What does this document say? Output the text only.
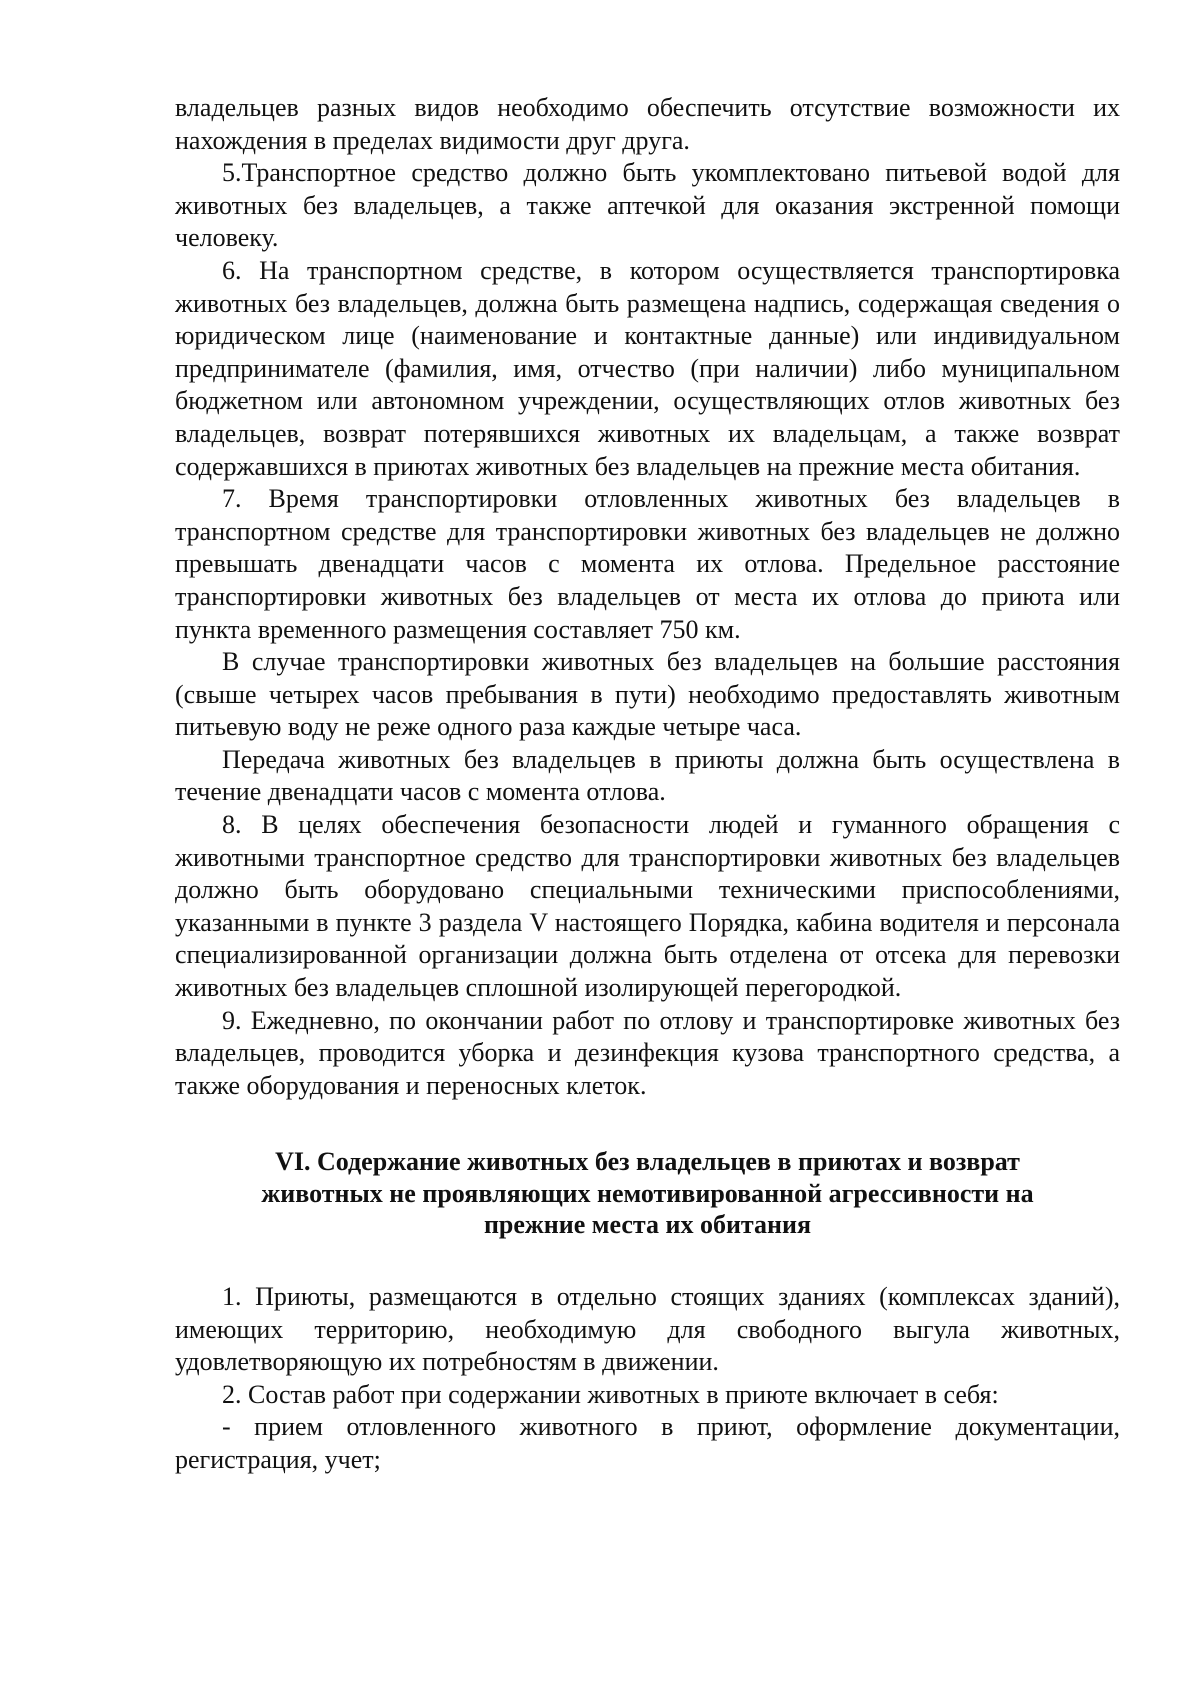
владельцев разных видов необходимо обеспечить отсутствие возможности их нахождения в пределах видимости друг друга.

5.Транспортное средство должно быть укомплектовано питьевой водой для животных без владельцев, а также аптечкой для оказания экстренной помощи человеку.

6. На транспортном средстве, в котором осуществляется транспортировка животных без владельцев, должна быть размещена надпись, содержащая сведения о юридическом лице (наименование и контактные данные) или индивидуальном предпринимателе (фамилия, имя, отчество (при наличии) либо муниципальном бюджетном или автономном учреждении, осуществляющих отлов животных без владельцев, возврат потерявшихся животных их владельцам, а также возврат содержавшихся в приютах животных без владельцев на прежние места обитания.

7. Время транспортировки отловленных животных без владельцев в транспортном средстве для транспортировки животных без владельцев не должно превышать двенадцати часов с момента их отлова. Предельное расстояние транспортировки животных без владельцев от места их отлова до приюта или пункта временного размещения составляет 750 км.

В случае транспортировки животных без владельцев на большие расстояния (свыше четырех часов пребывания в пути) необходимо предоставлять животным питьевую воду не реже одного раза каждые четыре часа.

Передача животных без владельцев в приюты должна быть осуществлена в течение двенадцати часов с момента отлова.

8. В целях обеспечения безопасности людей и гуманного обращения с животными транспортное средство для транспортировки животных без владельцев должно быть оборудовано специальными техническими приспособлениями, указанными в пункте 3 раздела V настоящего Порядка, кабина водителя и персонала специализированной организации должна быть отделена от отсека для перевозки животных без владельцев сплошной изолирующей перегородкой.

9. Ежедневно, по окончании работ по отлову и транспортировке животных без владельцев, проводится уборка и дезинфекция кузова транспортного средства, а также оборудования и переносных клеток.

VI. Содержание животных без владельцев в приютах и возврат животных не проявляющих немотивированной агрессивности на прежние места их обитания

1. Приюты, размещаются в отдельно стоящих зданиях (комплексах зданий), имеющих территорию, необходимую для свободного выгула животных, удовлетворяющую их потребностям в движении.

2. Состав работ при содержании животных в приюте включает в себя:

- прием отловленного животного в приют, оформление документации, регистрация, учет;
